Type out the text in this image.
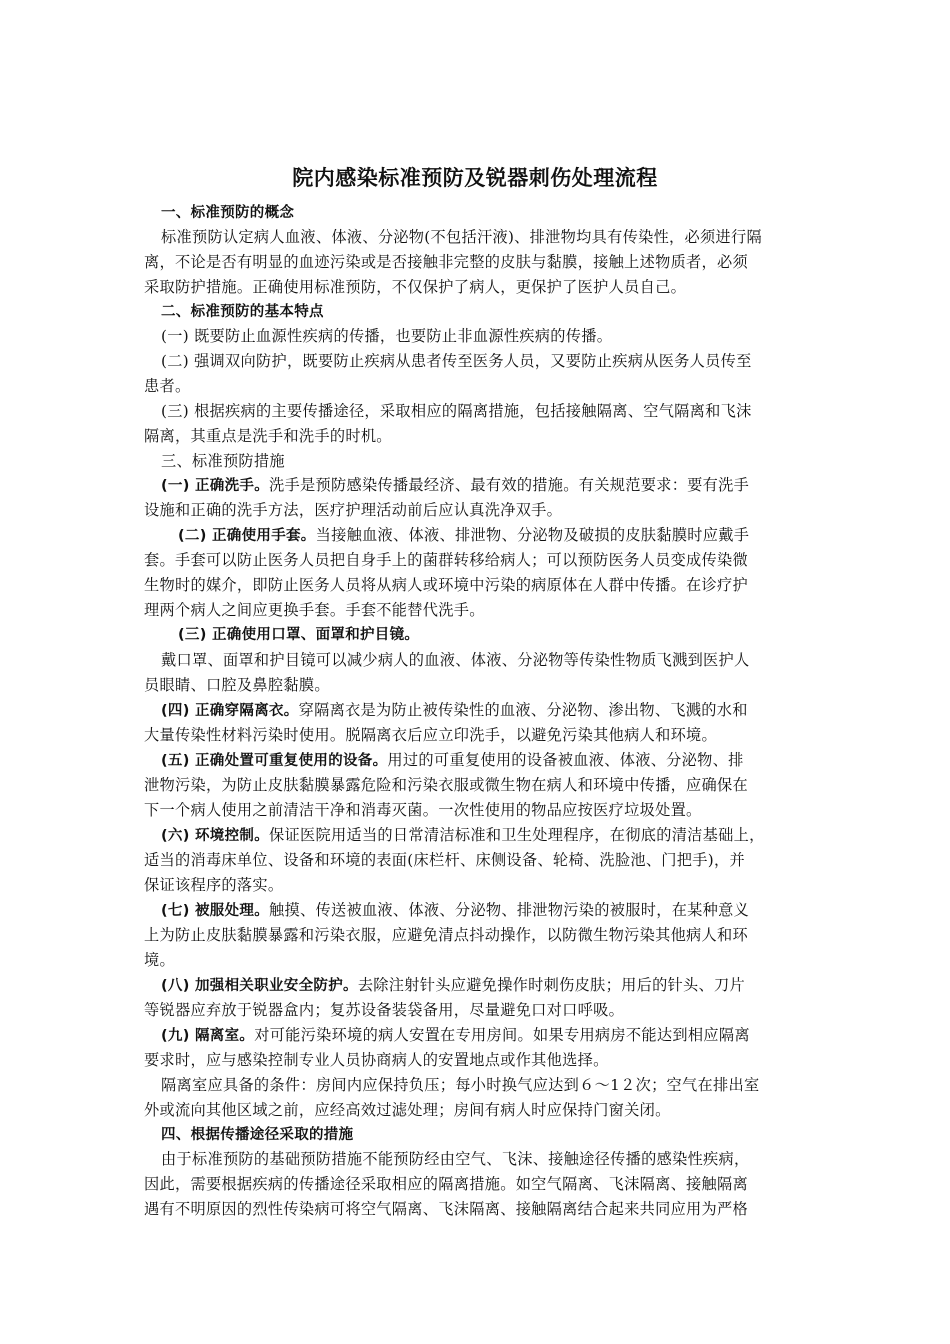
院内感染标准预防及锐器刺伤处理流程
一、标准预防的概念
标准预防认定病人血液、体液、分泌物(不包括汗液)、排泄物均具有传染性，必须进行隔
离，不论是否有明显的血迹污染或是否接触非完整的皮肤与黏膜，接触上述物质者，必须
采取防护措施。正确使用标准预防，不仅保护了病人，更保护了医护人员自己。
二、标准预防的基本特点
(一) 既要防止血源性疾病的传播，也要防止非血源性疾病的传播。
(二) 强调双向防护，既要防止疾病从患者传至医务人员，又要防止疾病从医务人员传至
患者。
(三) 根据疾病的主要传播途径，采取相应的隔离措施，包括接触隔离、空气隔离和飞沫
隔离，其重点是洗手和洗手的时机。
三、标准预防措施
(一) 正确洗手。洗手是预防感染传播最经济、最有效的措施。有关规范要求：要有洗手
设施和正确的洗手方法，医疗护理活动前后应认真洗净双手。
(二) 正确使用手套。当接触血液、体液、排泄物、分泌物及破损的皮肤黏膜时应戴手
套。手套可以防止医务人员把自身手上的菌群转移给病人；可以预防医务人员变成传染微
生物时的媒介，即防止医务人员将从病人或环境中污染的病原体在人群中传播。在诊疗护
理两个病人之间应更换手套。手套不能替代洗手。
(三) 正确使用口罩、面罩和护目镜。
戴口罩、面罩和护目镜可以减少病人的血液、体液、分泌物等传染性物质飞溅到医护人
员眼睛、口腔及鼻腔黏膜。
(四) 正确穿隔离衣。穿隔离衣是为防止被传染性的血液、分泌物、渗出物、飞溅的水和
大量传染性材料污染时使用。脱隔离衣后应立印洗手，以避免污染其他病人和环境。
(五) 正确处置可重复使用的设备。用过的可重复使用的设备被血液、体液、分泌物、排
泄物污染，为防止皮肤黏膜暴露危险和污染衣服或微生物在病人和环境中传播，应确保在
下一个病人使用之前清洁干净和消毒灭菌。一次性使用的物品应按医疗垃圾处置。
(六) 环境控制。保证医院用适当的日常清洁标准和卫生处理程序，在彻底的清洁基础上，
适当的消毒床单位、设备和环境的表面(床栏杆、床侧设备、轮椅、洗脸池、门把手)，并
保证该程序的落实。
(七) 被服处理。触摸、传送被血液、体液、分泌物、排泄物污染的被服时，在某种意义
上为防止皮肤黏膜暴露和污染衣服，应避免清点抖动操作，以防微生物污染其他病人和环
境。
(八) 加强相关职业安全防护。去除注射针头应避免操作时刺伤皮肤；用后的针头、刀片
等锐器应弃放于锐器盒内；复苏设备装袋备用，尽量避免口对口呼吸。
(九) 隔离室。对可能污染环境的病人安置在专用房间。如果专用病房不能达到相应隔离
要求时，应与感染控制专业人员协商病人的安置地点或作其他选择。
隔离室应具备的条件：房间内应保持负压；每小时换气应达到６～1２次；空气在排出室
外或流向其他区域之前，应经高效过滤处理；房间有病人时应保持门窗关闭。
四、根据传播途径采取的措施
由于标准预防的基础预防措施不能预防经由空气、飞沫、接触途径传播的感染性疾病，
因此，需要根据疾病的传播途径采取相应的隔离措施。如空气隔离、飞沫隔离、接触隔离
遇有不明原因的烈性传染病可将空气隔离、飞沫隔离、接触隔离结合起来共同应用为严格
